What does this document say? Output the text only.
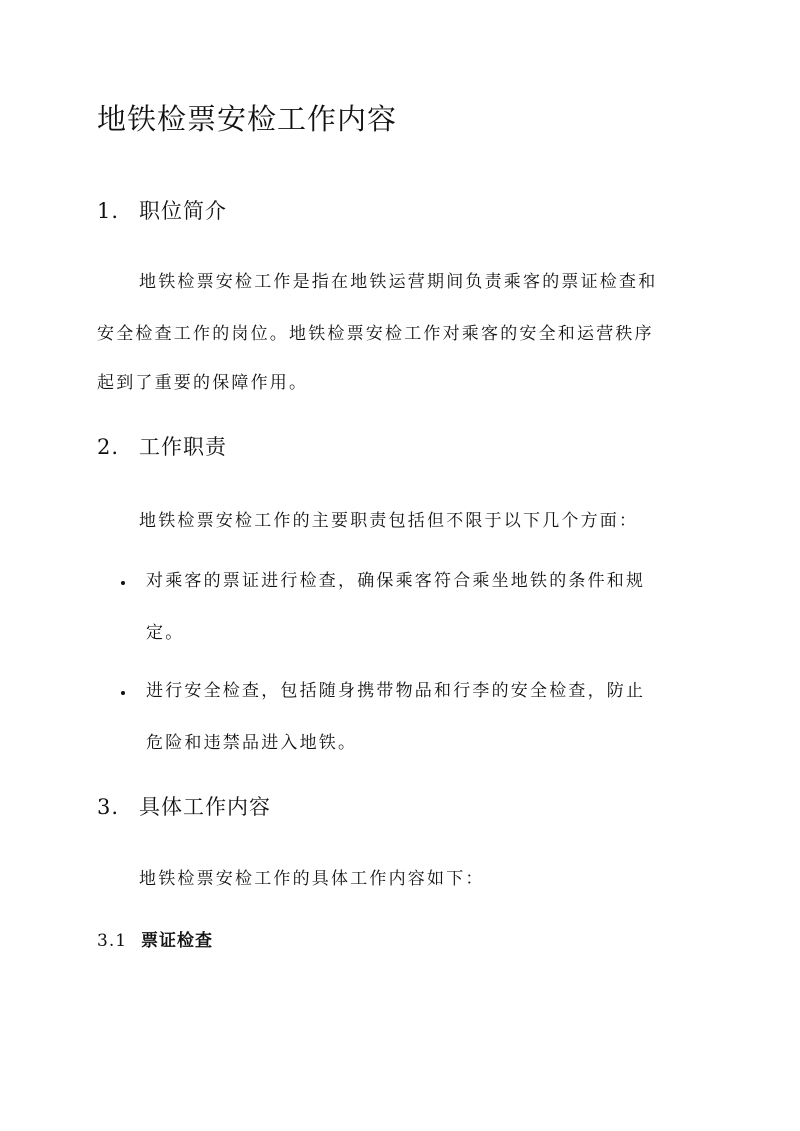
地铁检票安检工作内容
1. 职位简介

地铁检票安检工作是指在地铁运营期间负责乘客的票证检查和

安全检查工作的岗位。地铁检票安检工作对乘客的安全和运营秩序

起到了重要的保障作用。

2. 工作职责

地铁检票安检工作的主要职责包括但不限于以下几个方面：

对乘客的票证进行检查，确保乘客符合乘坐地铁的条件和规

定。

进行安全检查，包括随身携带物品和行李的安全检查，防止

危险和违禁品进入地铁。

3. 具体工作内容

地铁检票安检工作的具体工作内容如下：

3.1 票证检查
